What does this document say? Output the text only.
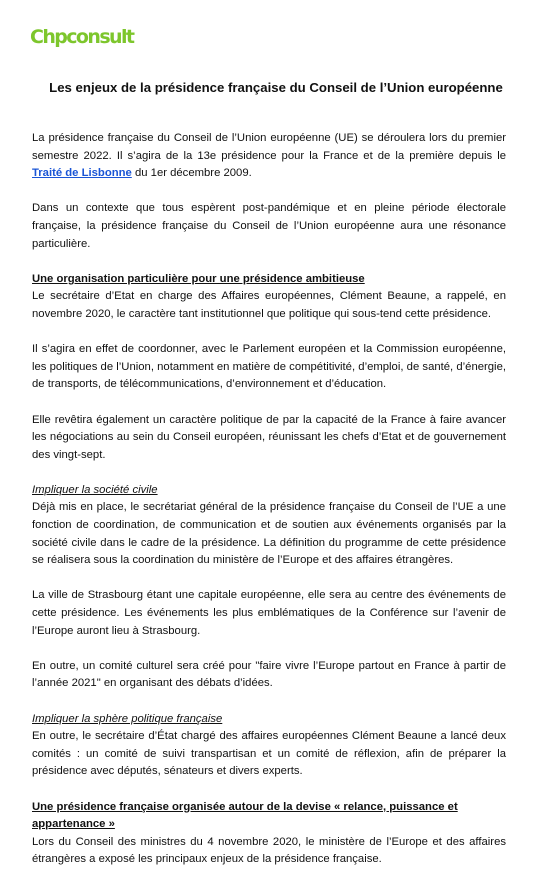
Chpconsult
Les enjeux de la présidence française du Conseil de l’Union européenne

La présidence française du Conseil de l’Union européenne (UE) se déroulera lors du premier semestre 2022. Il s’agira de la 13e présidence pour la France et de la première depuis le Traité de Lisbonne du 1er décembre 2009.

Dans un contexte que tous espèrent post-pandémique et en pleine période électorale française, la présidence française du Conseil de l’Union européenne aura une résonance particulière.

Une organisation particulière pour une présidence ambitieuse

Le secrétaire d’Etat en charge des Affaires européennes, Clément Beaune, a rappelé, en novembre 2020, le caractère tant institutionnel que politique qui sous-tend cette présidence.

Il s’agira en effet de coordonner, avec le Parlement européen et la Commission européenne, les politiques de l’Union, notamment en matière de compétitivité, d’emploi, de santé, d’énergie, de transports, de télécommunications, d’environnement et d’éducation.

Elle revêtira également un caractère politique de par la capacité de la France à faire avancer les négociations au sein du Conseil européen, réunissant les chefs d’Etat et de gouvernement des vingt-sept.

Impliquer la société civile

Déjà mis en place, le secrétariat général de la présidence française du Conseil de l’UE a une fonction de coordination, de communication et de soutien aux événements organisés par la société civile dans le cadre de la présidence. La définition du programme de cette présidence se réalisera sous la coordination du ministère de l’Europe et des affaires étrangères.

La ville de Strasbourg étant une capitale européenne, elle sera au centre des événements de cette présidence. Les événements les plus emblématiques de la Conférence sur l’avenir de l’Europe auront lieu à Strasbourg.

En outre, un comité culturel sera créé pour "faire vivre l’Europe partout en France à partir de l’année 2021" en organisant des débats d’idées.

Impliquer la sphère politique française

En outre, le secrétaire d’État chargé des affaires européennes Clément Beaune a lancé deux comités : un comité de suivi transpartisan et un comité de réflexion, afin de préparer la présidence avec députés, sénateurs et divers experts.

Une présidence française organisée autour de la devise « relance, puissance et appartenance »

Lors du Conseil des ministres du 4 novembre 2020, le ministère de l’Europe et des affaires étrangères a exposé les principaux enjeux de la présidence française.
